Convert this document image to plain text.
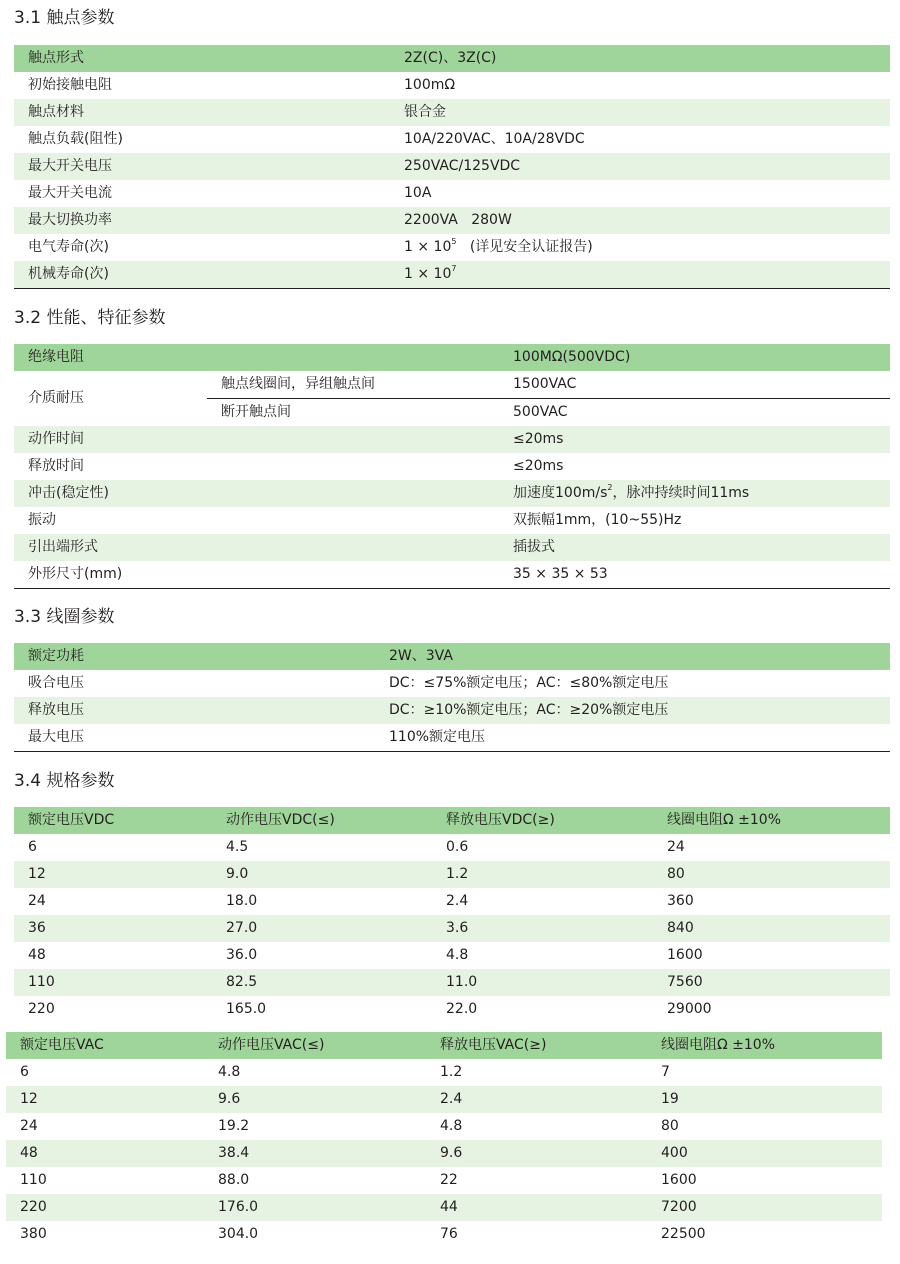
3.1 触点参数
触点形式	2Z(C)、3Z(C)
初始接触电阻	100mΩ
触点材料	银合金
触点负载(阻性)	10A/220VAC、10A/28VDC
最大开关电压	250VAC/125VDC
最大开关电流	10A
最大切换功率	2200VA   280W
电气寿命(次)	$1 \times 10^5$ (详见安全认证报告)
机械寿命(次)	$1 \times 10^7$
3.2 性能、特征参数
绝缘电阻		100MΩ(500VDC)
介质耐压	触点线圈间，异组触点间	1500VAC
	断开触点间	500VAC
动作时间		≤20ms
释放时间		≤20ms
冲击(稳定性)		加速度$100m/s^2$，脉冲持续时间11ms
振动		双振幅1mm，(10~55)Hz
引出端形式		插拔式
外形尺寸(mm)		35 × 35 × 53
3.3 线圈参数
额定功耗	2W、3VA
吸合电压	DC：≤75%额定电压；AC：≤80%额定电压
释放电压	DC：≥10%额定电压；AC：≥20%额定电压
最大电压	110%额定电压
3.4 规格参数
额定电压VDC	动作电压VDC(≤)	释放电压VDC(≥)	线圈电阻Ω ±10%
6	4.5	0.6	24
12	9.0	1.2	80
24	18.0	2.4	360
36	27.0	3.6	840
48	36.0	4.8	1600
110	82.5	11.0	7560
220	165.0	22.0	29000
额定电压VAC	动作电压VAC(≤)	释放电压VAC(≥)	线圈电阻Ω ±10%
6	4.8	1.2	7
12	9.6	2.4	19
24	19.2	4.8	80
48	38.4	9.6	400
110	88.0	22	1600
220	176.0	44	7200
380	304.0	76	22500
